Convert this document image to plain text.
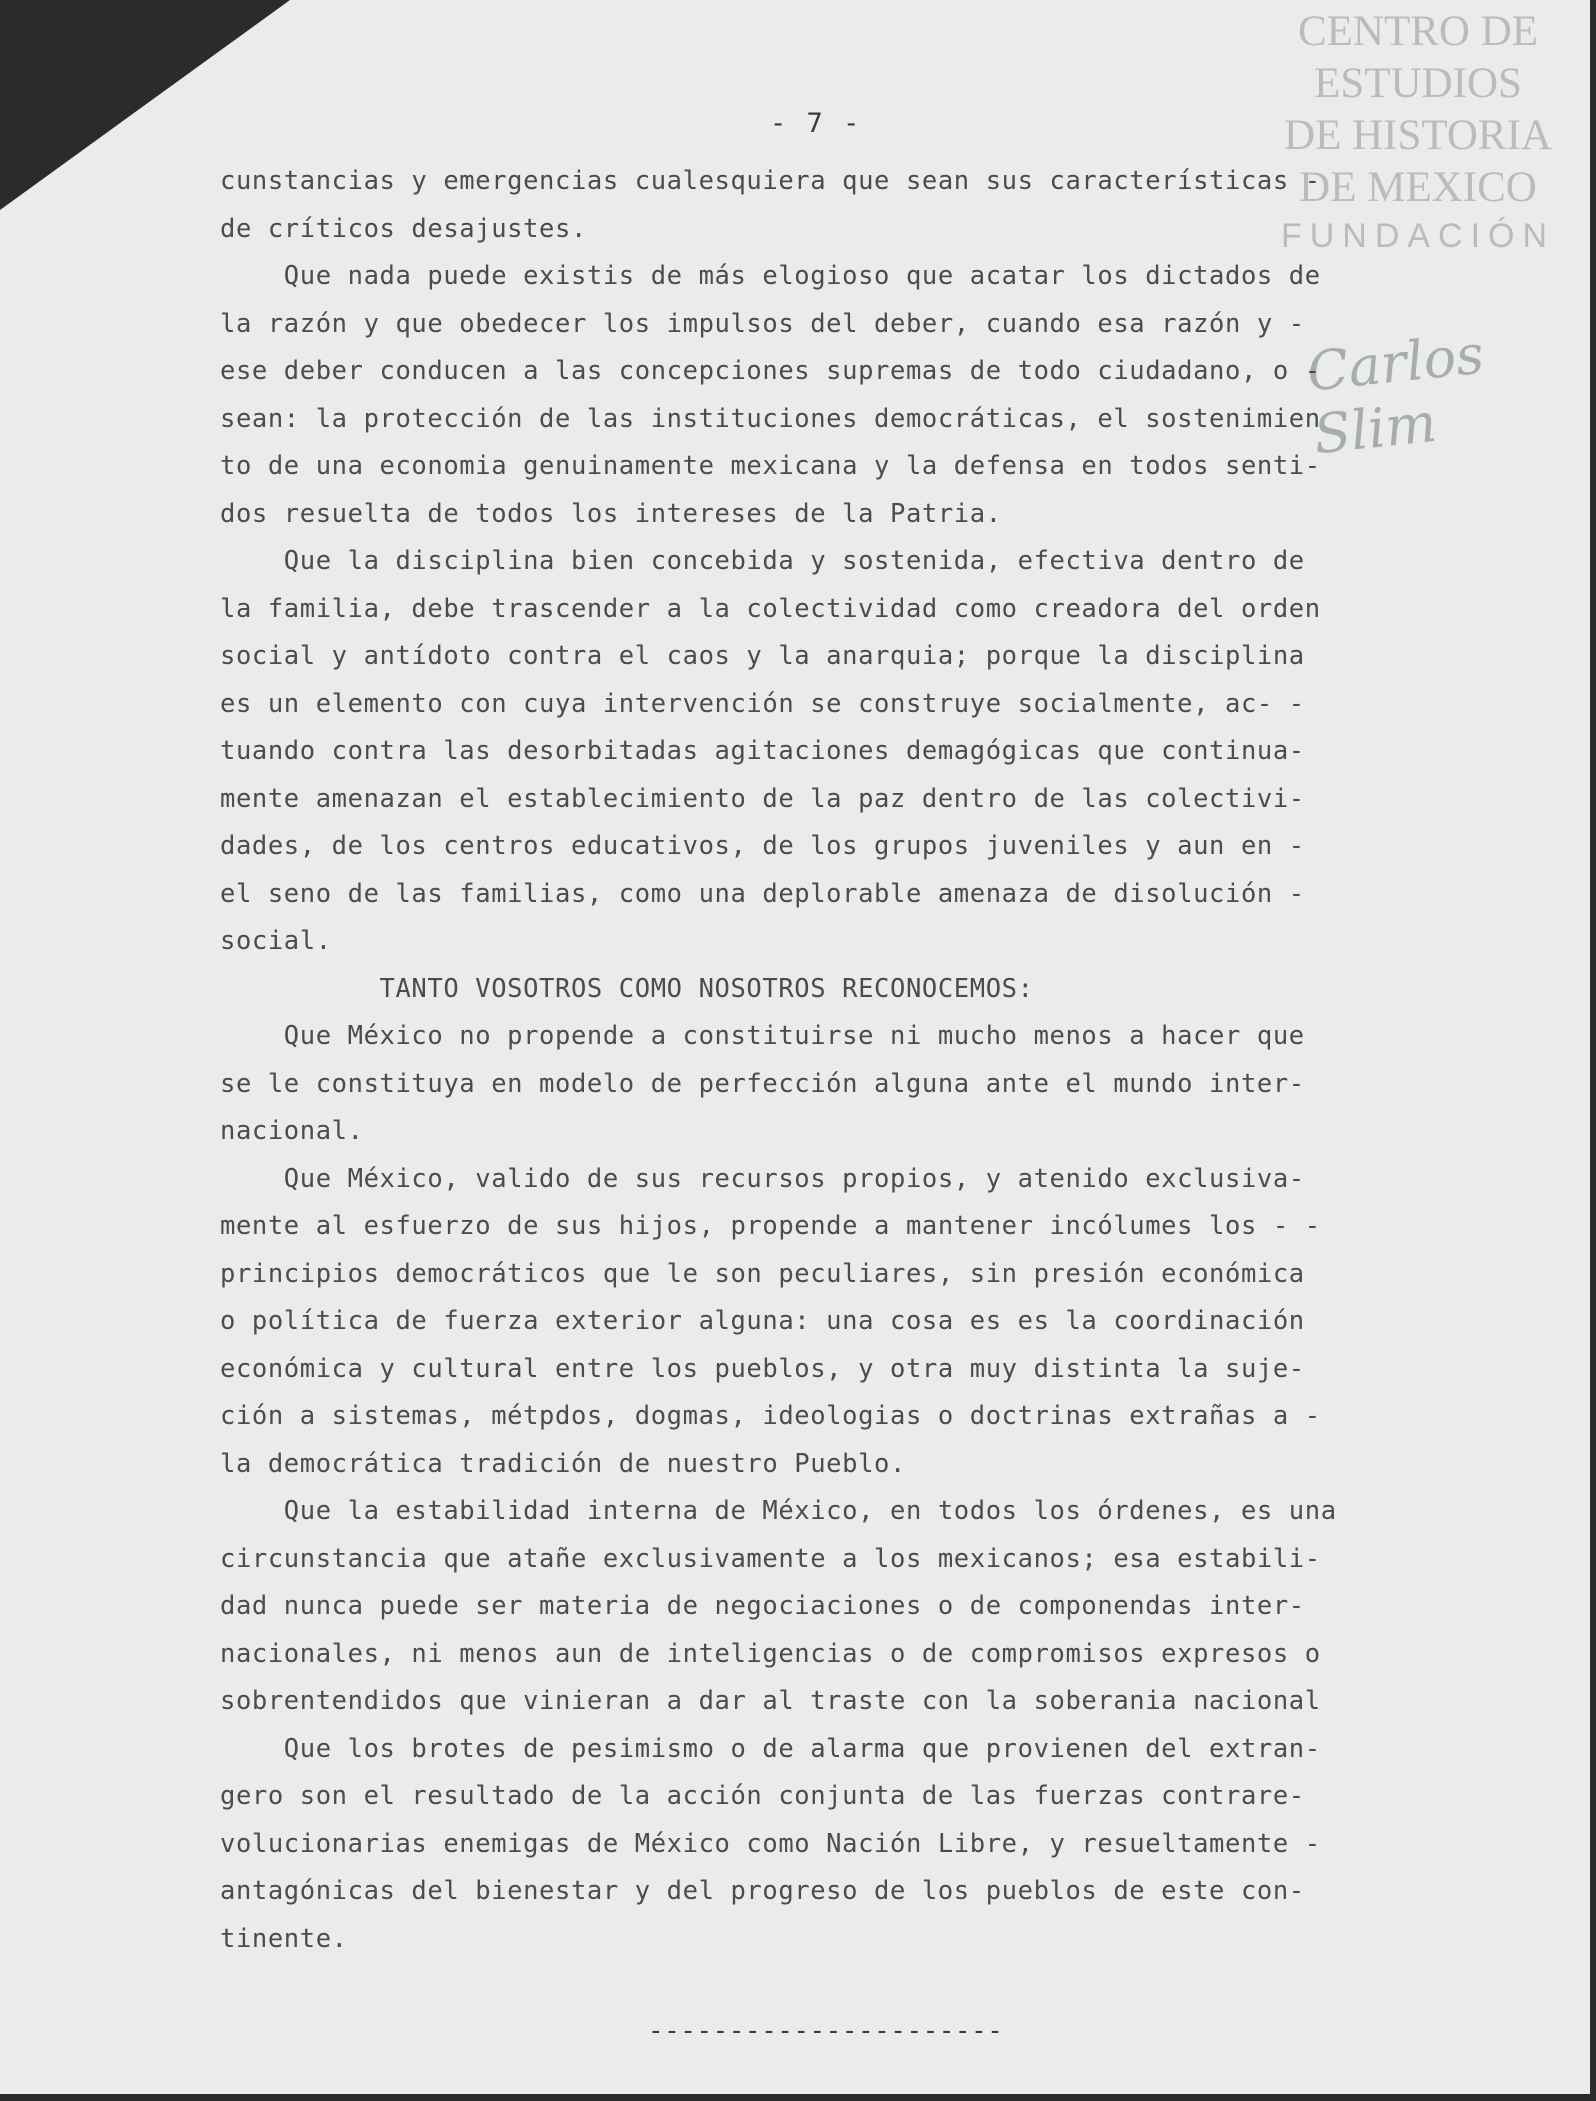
CENTRO DE
ESTUDIOS
DE HISTORIA
DE MEXICO
FUNDACIÓN
Carlos Slim
- 7 -

cunstancias y emergencias cualesquiera que sean sus características -

de críticos desajustes.

Que nada puede existis de más elogioso que acatar los dictados de

la razón y que obedecer los impulsos del deber, cuando esa razón y -

ese deber conducen a las concepciones supremas de todo ciudadano, o -

sean: la protección de las instituciones democráticas, el sostenimien

to de una economia genuinamente mexicana y la defensa en todos senti-

dos resuelta de todos los intereses de la Patria.

Que la disciplina bien concebida y sostenida, efectiva dentro de

la familia, debe trascender a la colectividad como creadora del orden

social y antídoto contra el caos y la anarquia; porque la disciplina

es un elemento con cuya intervención se construye socialmente, ac- -

tuando contra las desorbitadas agitaciones demagógicas que continua-

mente amenazan el establecimiento de la paz dentro de las colectivi-

dades, de los centros educativos, de los grupos juveniles y aun en -

el seno de las familias, como una deplorable amenaza de disolución -

social.

TANTO VOSOTROS COMO NOSOTROS RECONOCEMOS:

Que México no propende a constituirse ni mucho menos a hacer que

se le constituya en modelo de perfección alguna ante el mundo inter-

nacional.

Que México, valido de sus recursos propios, y atenido exclusiva-

mente al esfuerzo de sus hijos, propende a mantener incólumes los - -

principios democráticos que le son peculiares, sin presión económica

o política de fuerza exterior alguna: una cosa es es la coordinación

económica y cultural entre los pueblos, y otra muy distinta la suje-

ción a sistemas, métpdos, dogmas, ideologias o doctrinas extrañas a -

la democrática tradición de nuestro Pueblo.

Que la estabilidad interna de México, en todos los órdenes, es una

circunstancia que atañe exclusivamente a los mexicanos; esa estabili-

dad nunca puede ser materia de negociaciones o de componendas inter-

nacionales, ni menos aun de inteligencias o de compromisos expresos o

sobrentendidos que vinieran a dar al traste con la soberania nacional

Que los brotes de pesimismo o de alarma que provienen del extran-

gero son el resultado de la acción conjunta de las fuerzas contrare-

volucionarias enemigas de México como Nación Libre, y resueltamente -

antagónicas del bienestar y del progreso de los pueblos de este con-

tinente.

----------------------
